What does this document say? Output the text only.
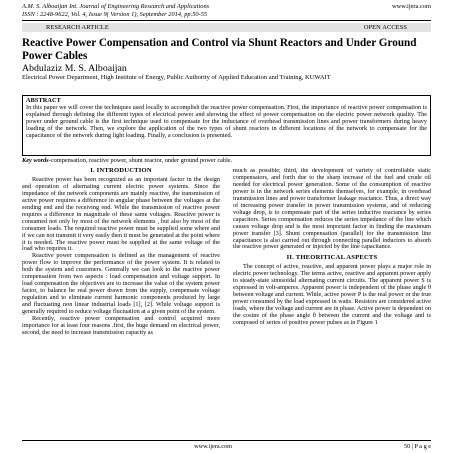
A.M. S. Alboaijan Int. Journal of Engineering Research and Applications	www.ijera.com
ISSN : 2248-9622, Vol. 4, Issue 9( Version 1), September 2014, pp.50-55
RESEARCH ARTICLE	OPEN ACCESS
Reactive Power Compensation and Control via Shunt Reactors and Under Ground Power Cables
Abdulaziz M. S. Alboaijan
Electrical Power Department, High Institute of Energy, Public Authority of Applied Education and Training, KUWAIT
ABSTRACT

In this paper we will cover the techniques used locally to accomplish the reactive power compensation. First, the importance of reactive power compensation is explained through defining the different types of electrical power and showing the effect of power compensation on the electric power network quality. The power under ground cable is the first technique used to compensate for the inductance of overhead transmission lines and power transformers during heavy loading of the network. Then, we explore the application of the two types of shunt reactors in different locations of the network to compensate for the capacitance of the network during light loading. Finally, a conclusion is presented.

Key words-compensation, reactive power, shunt reactor, under ground power cable.
I. INTRODUCTION

Reactive power has been recognized as an important factor in the design and operation of alternating current electric power systems. Since the impedance of the network components are mainly reactive, the transmission of active power requires a difference in angular phase between the voltages at the sending end and the receiving end. While the transmission of reactive power requires a difference in magnitude of these same voltages. Reactive power is consumed not only by most of the network elements , but also by most of the consumer loads. The required reactive power must be supplied some where and if we can not transmit it very easily then it must be generated at the point where it is needed. The reactive power must be supplied at the same voltage of the load who requires it.

Reactive power compensation is defined as the management of reactive power flow to improve the performance of the power system. It is related to both the system and customers. Generally we can look to the reactive power compensation from two aspects : load compensation and voltage support. In load compensation the objectives are to increase the value of the system power factor, to balance he real power drawn from the supply, compensate voltage regulation and to eliminate current harmonic components produced by large and fluctuating non linear industrial loads [1], [2]. While voltage support is generally required to reduce voltage fluctuation at a given point of the system.

Recently, reactive power compensation and control acquired more importance for at least four reasons .first, the huge demand on electrical power, second, the need to increase transmission capacity as

much as possible; third, the development of variety of controllable static compensators, and forth due to the sharp increase of the fuel and crude oil needed for electrical power generation. Some of the consumption of reactive power is in the network series elements themselves, for example, in overhead transmission lines and power transformer leakage reactance. Thus, a direct way of increasing power transfer in power transmission systems, and of reducing voltage drop, is to compensate part of the series inductive reactance by series capacitors. Series compensation reduces the series impedance of the line which causes voltage drop and is the most important factor in finding the maximum power transfer [3]. Shunt compensation (parallel) for the transmission line capacitance is also carried out through connecting parallel inductors to absorb the reactive power generated or injected by the line capacitance.

II. THEORITICAL ASPECTS

The concept of active, reactive, and apparent power plays a major role in electric power technology. The terms active, reactive and apparent power apply to steady-state sinusoidal alternating current circuits. The apparent power S is expressed in volt-amperes. Apparent power is independent of the phase angle θ between voltage and current. While, active power P is the real power or the true power consumed by the load expressed in watts. Resistors are considered active loads, where the voltage and current are in phase. Active power is dependent on the cosine of the phase angle θ between the current and the voltage and is composed of series of positive power pulses as in Figure 1

www.ijera.com	50 | P a g e
